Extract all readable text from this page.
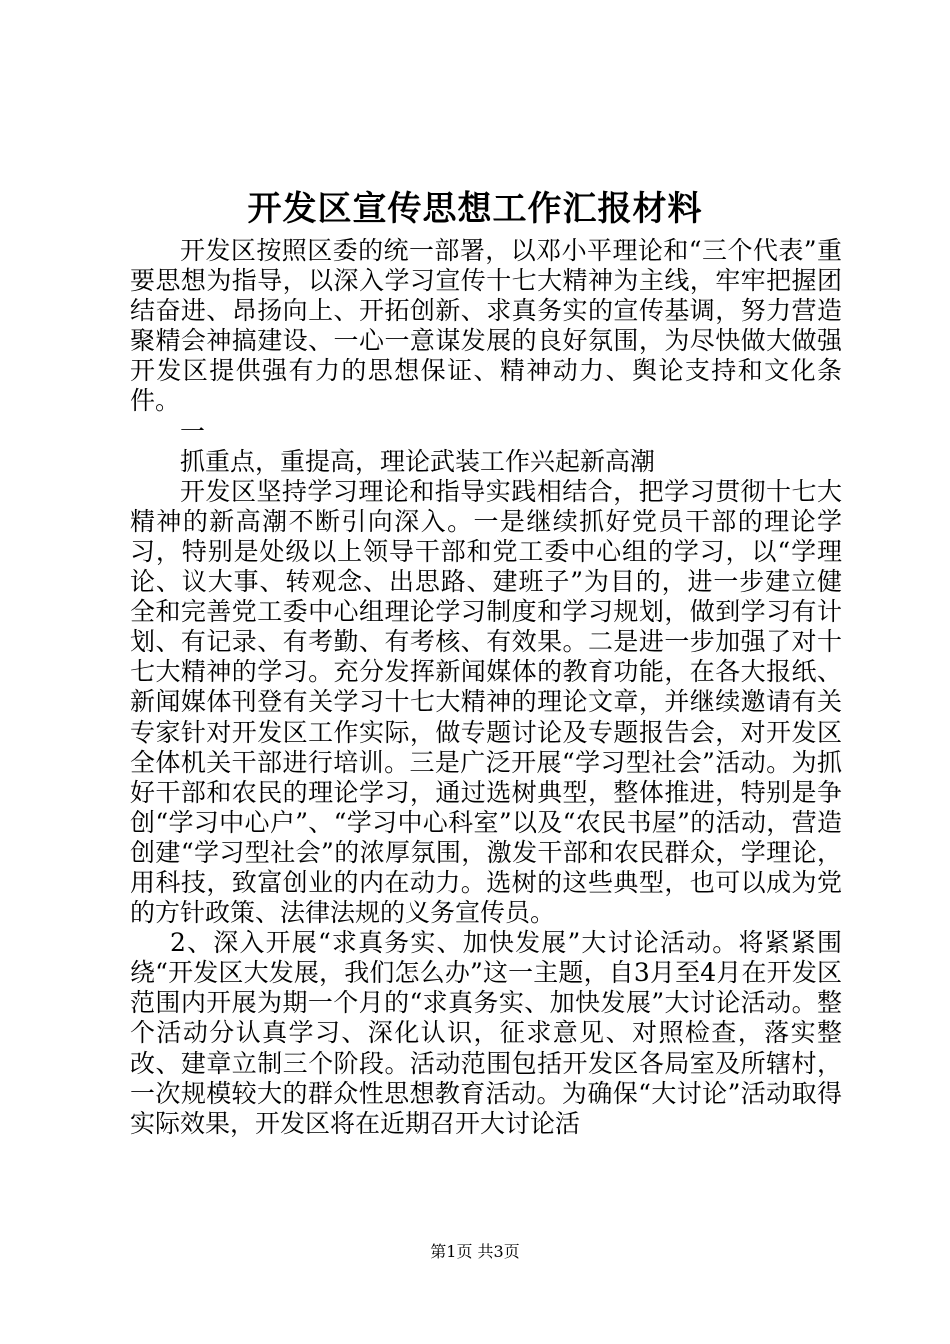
开发区宣传思想工作汇报材料

开发区按照区委的统一部署，以邓小平理论和“三个代表”重要思想为指导，以深入学习宣传十七大精神为主线，牢牢把握团结奋进、昂扬向上、开拓创新、求真务实的宣传基调，努力营造聚精会神搞建设、一心一意谋发展的良好氛围，为尽快做大做强开发区提供强有力的思想保证、精神动力、舆论支持和文化条件。

一

抓重点，重提高，理论武装工作兴起新高潮

开发区坚持学习理论和指导实践相结合，把学习贯彻十七大精神的新高潮不断引向深入。一是继续抓好党员干部的理论学习，特别是处级以上领导干部和党工委中心组的学习，以“学理论、议大事、转观念、出思路、建班子”为目的，进一步建立健全和完善党工委中心组理论学习制度和学习规划，做到学习有计划、有记录、有考勤、有考核、有效果。二是进一步加强了对十七大精神的学习。充分发挥新闻媒体的教育功能，在各大报纸、新闻媒体刊登有关学习十七大精神的理论文章，并继续邀请有关专家针对开发区工作实际，做专题讨论及专题报告会，对开发区全体机关干部进行培训。三是广泛开展“学习型社会”活动。为抓好干部和农民的理论学习，通过选树典型，整体推进，特别是争创“学习中心户”、“学习中心科室”以及“农民书屋”的活动，营造创建“学习型社会”的浓厚氛围，激发干部和农民群众，学理论，用科技，致富创业的内在动力。选树的这些典型，也可以成为党的方针政策、法律法规的义务宣传员。

2、深入开展“求真务实、加快发展”大讨论活动。将紧紧围绕“开发区大发展，我们怎么办”这一主题，自3月至4月在开发区范围内开展为期一个月的“求真务实、加快发展”大讨论活动。整个活动分认真学习、深化认识，征求意见、对照检查，落实整改、建章立制三个阶段。活动范围包括开发区各局室及所辖村，一次规模较大的群众性思想教育活动。为确保“大讨论”活动取得实际效果，开发区将在近期召开大讨论活

第1页 共3页
